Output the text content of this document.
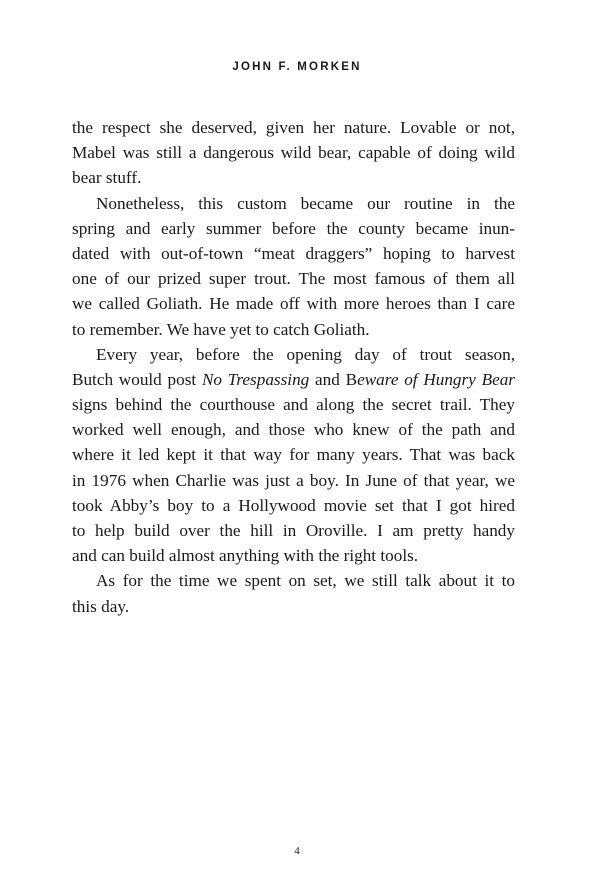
JOHN F. MORKEN

the respect she deserved, given her nature. Lovable or not,
Mabel was still a dangerous wild bear, capable of doing wild
bear stuff.

Nonetheless, this custom became our routine in the
spring and early summer before the county became inun-
dated with out-of-town “meat draggers” hoping to harvest
one of our prized super trout. The most famous of them all
we called Goliath. He made off with more heroes than I care
to remember. We have yet to catch Goliath.

Every year, before the opening day of trout season,
Butch would post No Trespassing and Beware of Hungry Bear
signs behind the courthouse and along the secret trail. They
worked well enough, and those who knew of the path and
where it led kept it that way for many years. That was back
in 1976 when Charlie was just a boy. In June of that year, we
took Abby’s boy to a Hollywood movie set that I got hired
to help build over the hill in Oroville. I am pretty handy
and can build almost anything with the right tools.

As for the time we spent on set, we still talk about it to
this day.

4
